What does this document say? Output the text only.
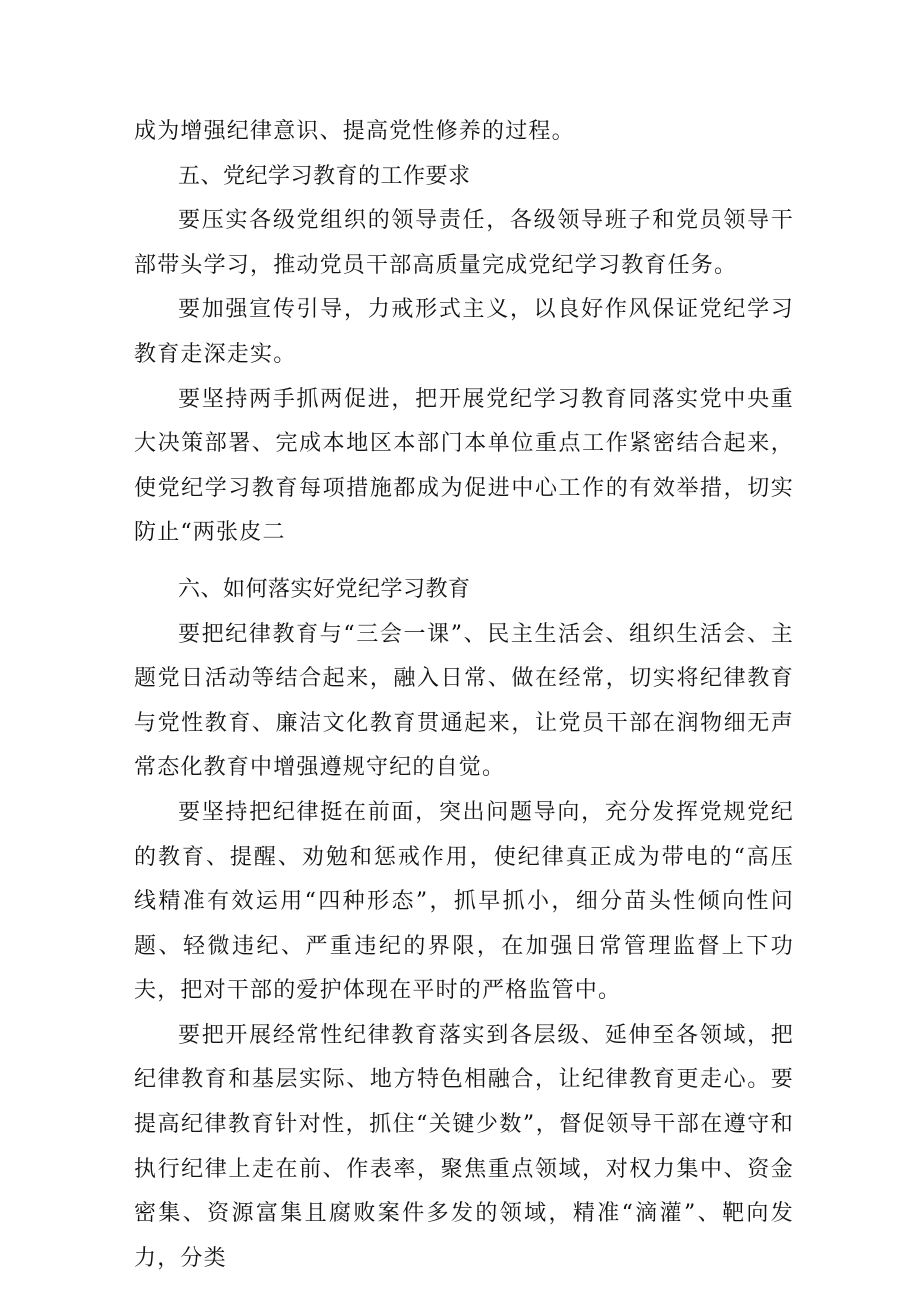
成为增强纪律意识、提高党性修养的过程。

五、党纪学习教育的工作要求

要压实各级党组织的领导责任，各级领导班子和党员领导干部带头学习，推动党员干部高质量完成党纪学习教育任务。

要加强宣传引导，力戒形式主义，以良好作风保证党纪学习教育走深走实。

要坚持两手抓两促进，把开展党纪学习教育同落实党中央重大决策部署、完成本地区本部门本单位重点工作紧密结合起来，使党纪学习教育每项措施都成为促进中心工作的有效举措，切实防止“两张皮二

六、如何落实好党纪学习教育

要把纪律教育与“三会一课”、民主生活会、组织生活会、主题党日活动等结合起来，融入日常、做在经常，切实将纪律教育与党性教育、廉洁文化教育贯通起来，让党员干部在润物细无声常态化教育中增强遵规守纪的自觉。

要坚持把纪律挺在前面，突出问题导向，充分发挥党规党纪的教育、提醒、劝勉和惩戒作用，使纪律真正成为带电的“高压线精准有效运用“四种形态”，抓早抓小，细分苗头性倾向性问题、轻微违纪、严重违纪的界限，在加强日常管理监督上下功夫，把对干部的爱护体现在平时的严格监管中。

要把开展经常性纪律教育落实到各层级、延伸至各领域，把纪律教育和基层实际、地方特色相融合，让纪律教育更走心。要提高纪律教育针对性，抓住“关键少数”，督促领导干部在遵守和执行纪律上走在前、作表率，聚焦重点领域，对权力集中、资金密集、资源富集且腐败案件多发的领域，精准“滴灌”、靶向发力，分类
